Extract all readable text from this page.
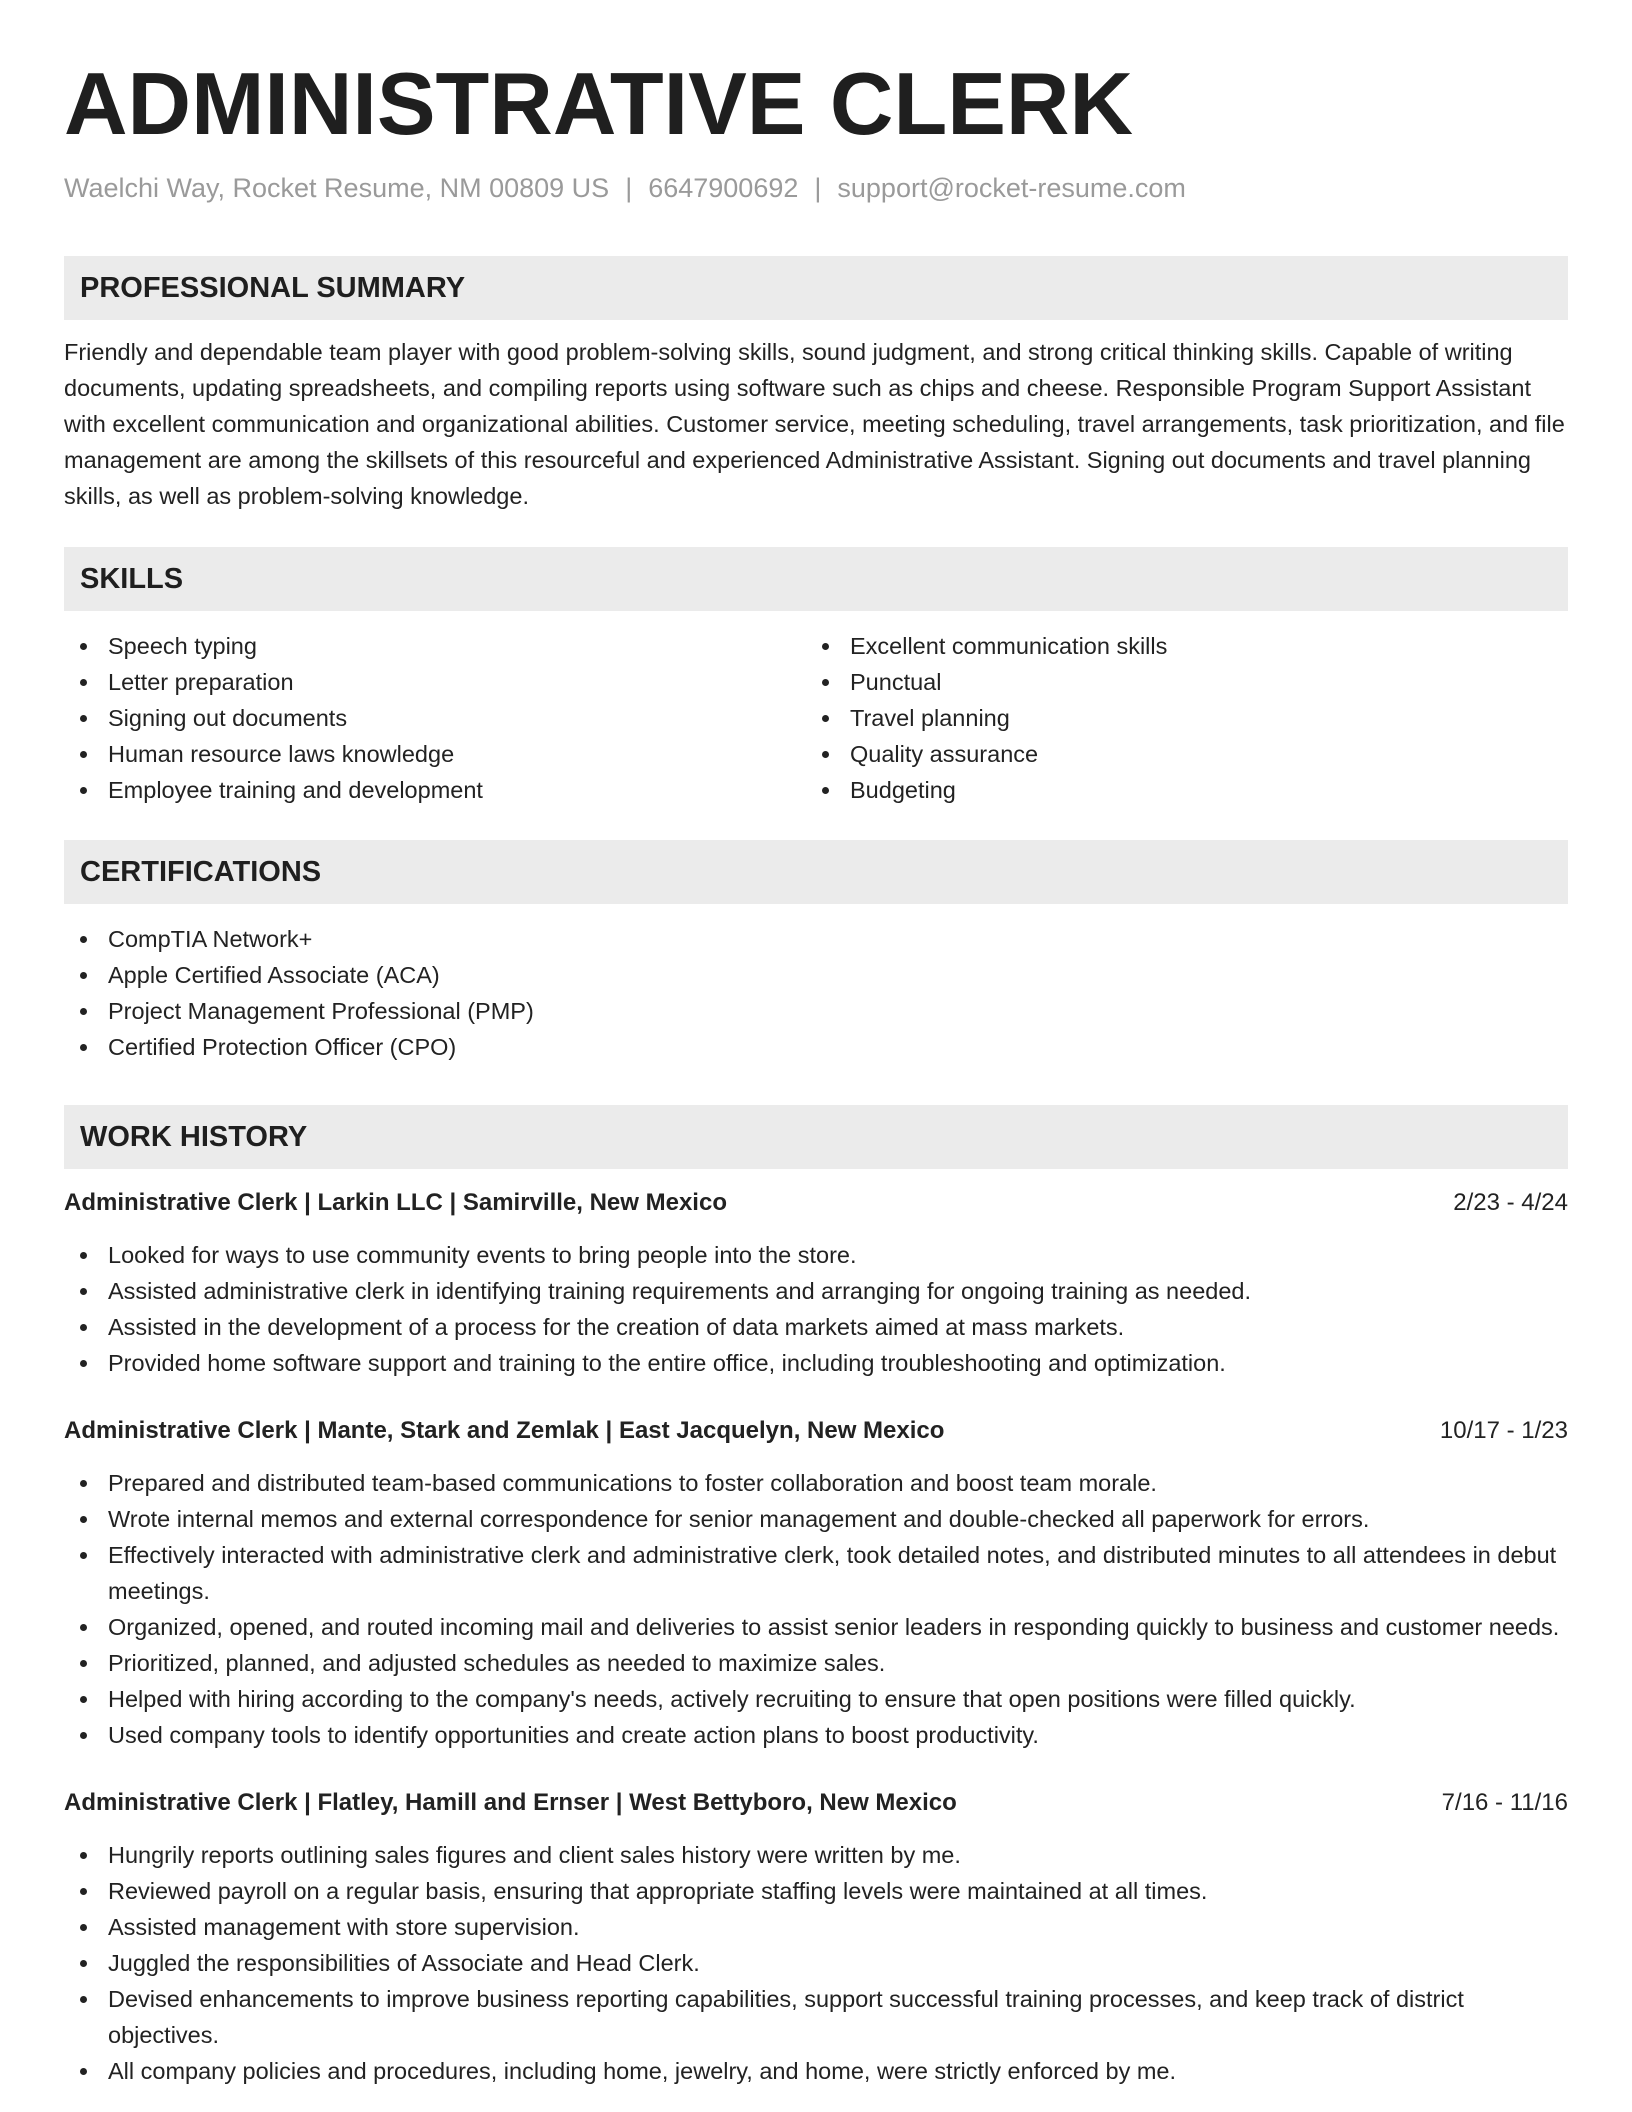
ADMINISTRATIVE CLERK
Waelchi Way, Rocket Resume, NM 00809 US | 6647900692 | support@rocket-resume.com
PROFESSIONAL SUMMARY
Friendly and dependable team player with good problem-solving skills, sound judgment, and strong critical thinking skills. Capable of writing documents, updating spreadsheets, and compiling reports using software such as chips and cheese. Responsible Program Support Assistant with excellent communication and organizational abilities. Customer service, meeting scheduling, travel arrangements, task prioritization, and file management are among the skillsets of this resourceful and experienced Administrative Assistant. Signing out documents and travel planning skills, as well as problem-solving knowledge.
SKILLS
Speech typing
Letter preparation
Signing out documents
Human resource laws knowledge
Employee training and development
Excellent communication skills
Punctual
Travel planning
Quality assurance
Budgeting
CERTIFICATIONS
CompTIA Network+
Apple Certified Associate (ACA)
Project Management Professional (PMP)
Certified Protection Officer (CPO)
WORK HISTORY
Administrative Clerk | Larkin LLC | Samirville, New Mexico	2/23 - 4/24
Looked for ways to use community events to bring people into the store.
Assisted administrative clerk in identifying training requirements and arranging for ongoing training as needed.
Assisted in the development of a process for the creation of data markets aimed at mass markets.
Provided home software support and training to the entire office, including troubleshooting and optimization.
Administrative Clerk | Mante, Stark and Zemlak | East Jacquelyn, New Mexico	10/17 - 1/23
Prepared and distributed team-based communications to foster collaboration and boost team morale.
Wrote internal memos and external correspondence for senior management and double-checked all paperwork for errors.
Effectively interacted with administrative clerk and administrative clerk, took detailed notes, and distributed minutes to all attendees in debut meetings.
Organized, opened, and routed incoming mail and deliveries to assist senior leaders in responding quickly to business and customer needs.
Prioritized, planned, and adjusted schedules as needed to maximize sales.
Helped with hiring according to the company's needs, actively recruiting to ensure that open positions were filled quickly.
Used company tools to identify opportunities and create action plans to boost productivity.
Administrative Clerk | Flatley, Hamill and Ernser | West Bettyboro, New Mexico	7/16 - 11/16
Hungrily reports outlining sales figures and client sales history were written by me.
Reviewed payroll on a regular basis, ensuring that appropriate staffing levels were maintained at all times.
Assisted management with store supervision.
Juggled the responsibilities of Associate and Head Clerk.
Devised enhancements to improve business reporting capabilities, support successful training processes, and keep track of district objectives.
All company policies and procedures, including home, jewelry, and home, were strictly enforced by me.
